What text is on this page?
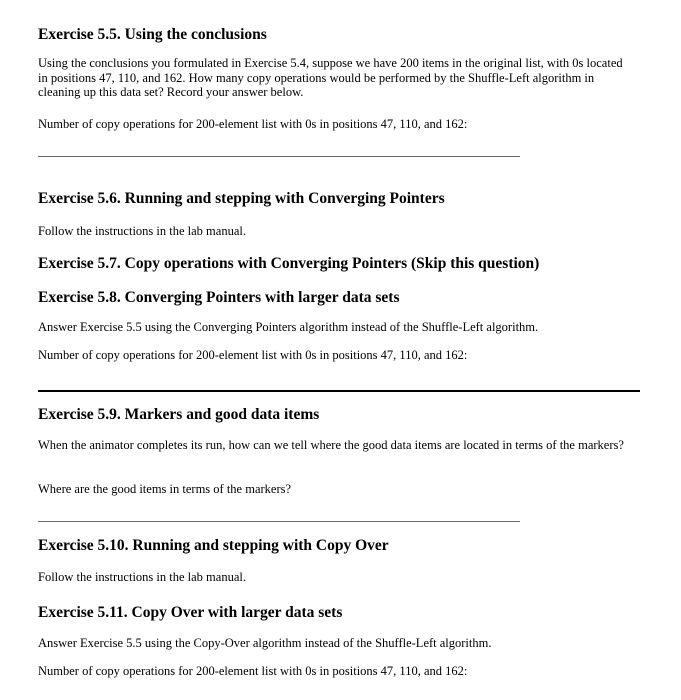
Exercise 5.5. Using the conclusions

Using the conclusions you formulated in Exercise 5.4, suppose we have 200 items in the original list, with 0s located in positions 47, 110, and 162. How many copy operations would be performed by the Shuffle-Left algorithm in cleaning up this data set? Record your answer below.

Number of copy operations for 200-element list with 0s in positions 47, 110, and 162:

Exercise 5.6. Running and stepping with Converging Pointers

Follow the instructions in the lab manual.

Exercise 5.7. Copy operations with Converging Pointers (Skip this question)
Exercise 5.8. Converging Pointers with larger data sets

Answer Exercise 5.5 using the Converging Pointers algorithm instead of the Shuffle-Left algorithm.

Number of copy operations for 200-element list with 0s in positions 47, 110, and 162:

Exercise 5.9. Markers and good data items

When the animator completes its run, how can we tell where the good data items are located in terms of the markers?

Where are the good items in terms of the markers?

Exercise 5.10. Running and stepping with Copy Over

Follow the instructions in the lab manual.

Exercise 5.11. Copy Over with larger data sets

Answer Exercise 5.5 using the Copy-Over algorithm instead of the Shuffle-Left algorithm.

Number of copy operations for 200-element list with 0s in positions 47, 110, and 162:
